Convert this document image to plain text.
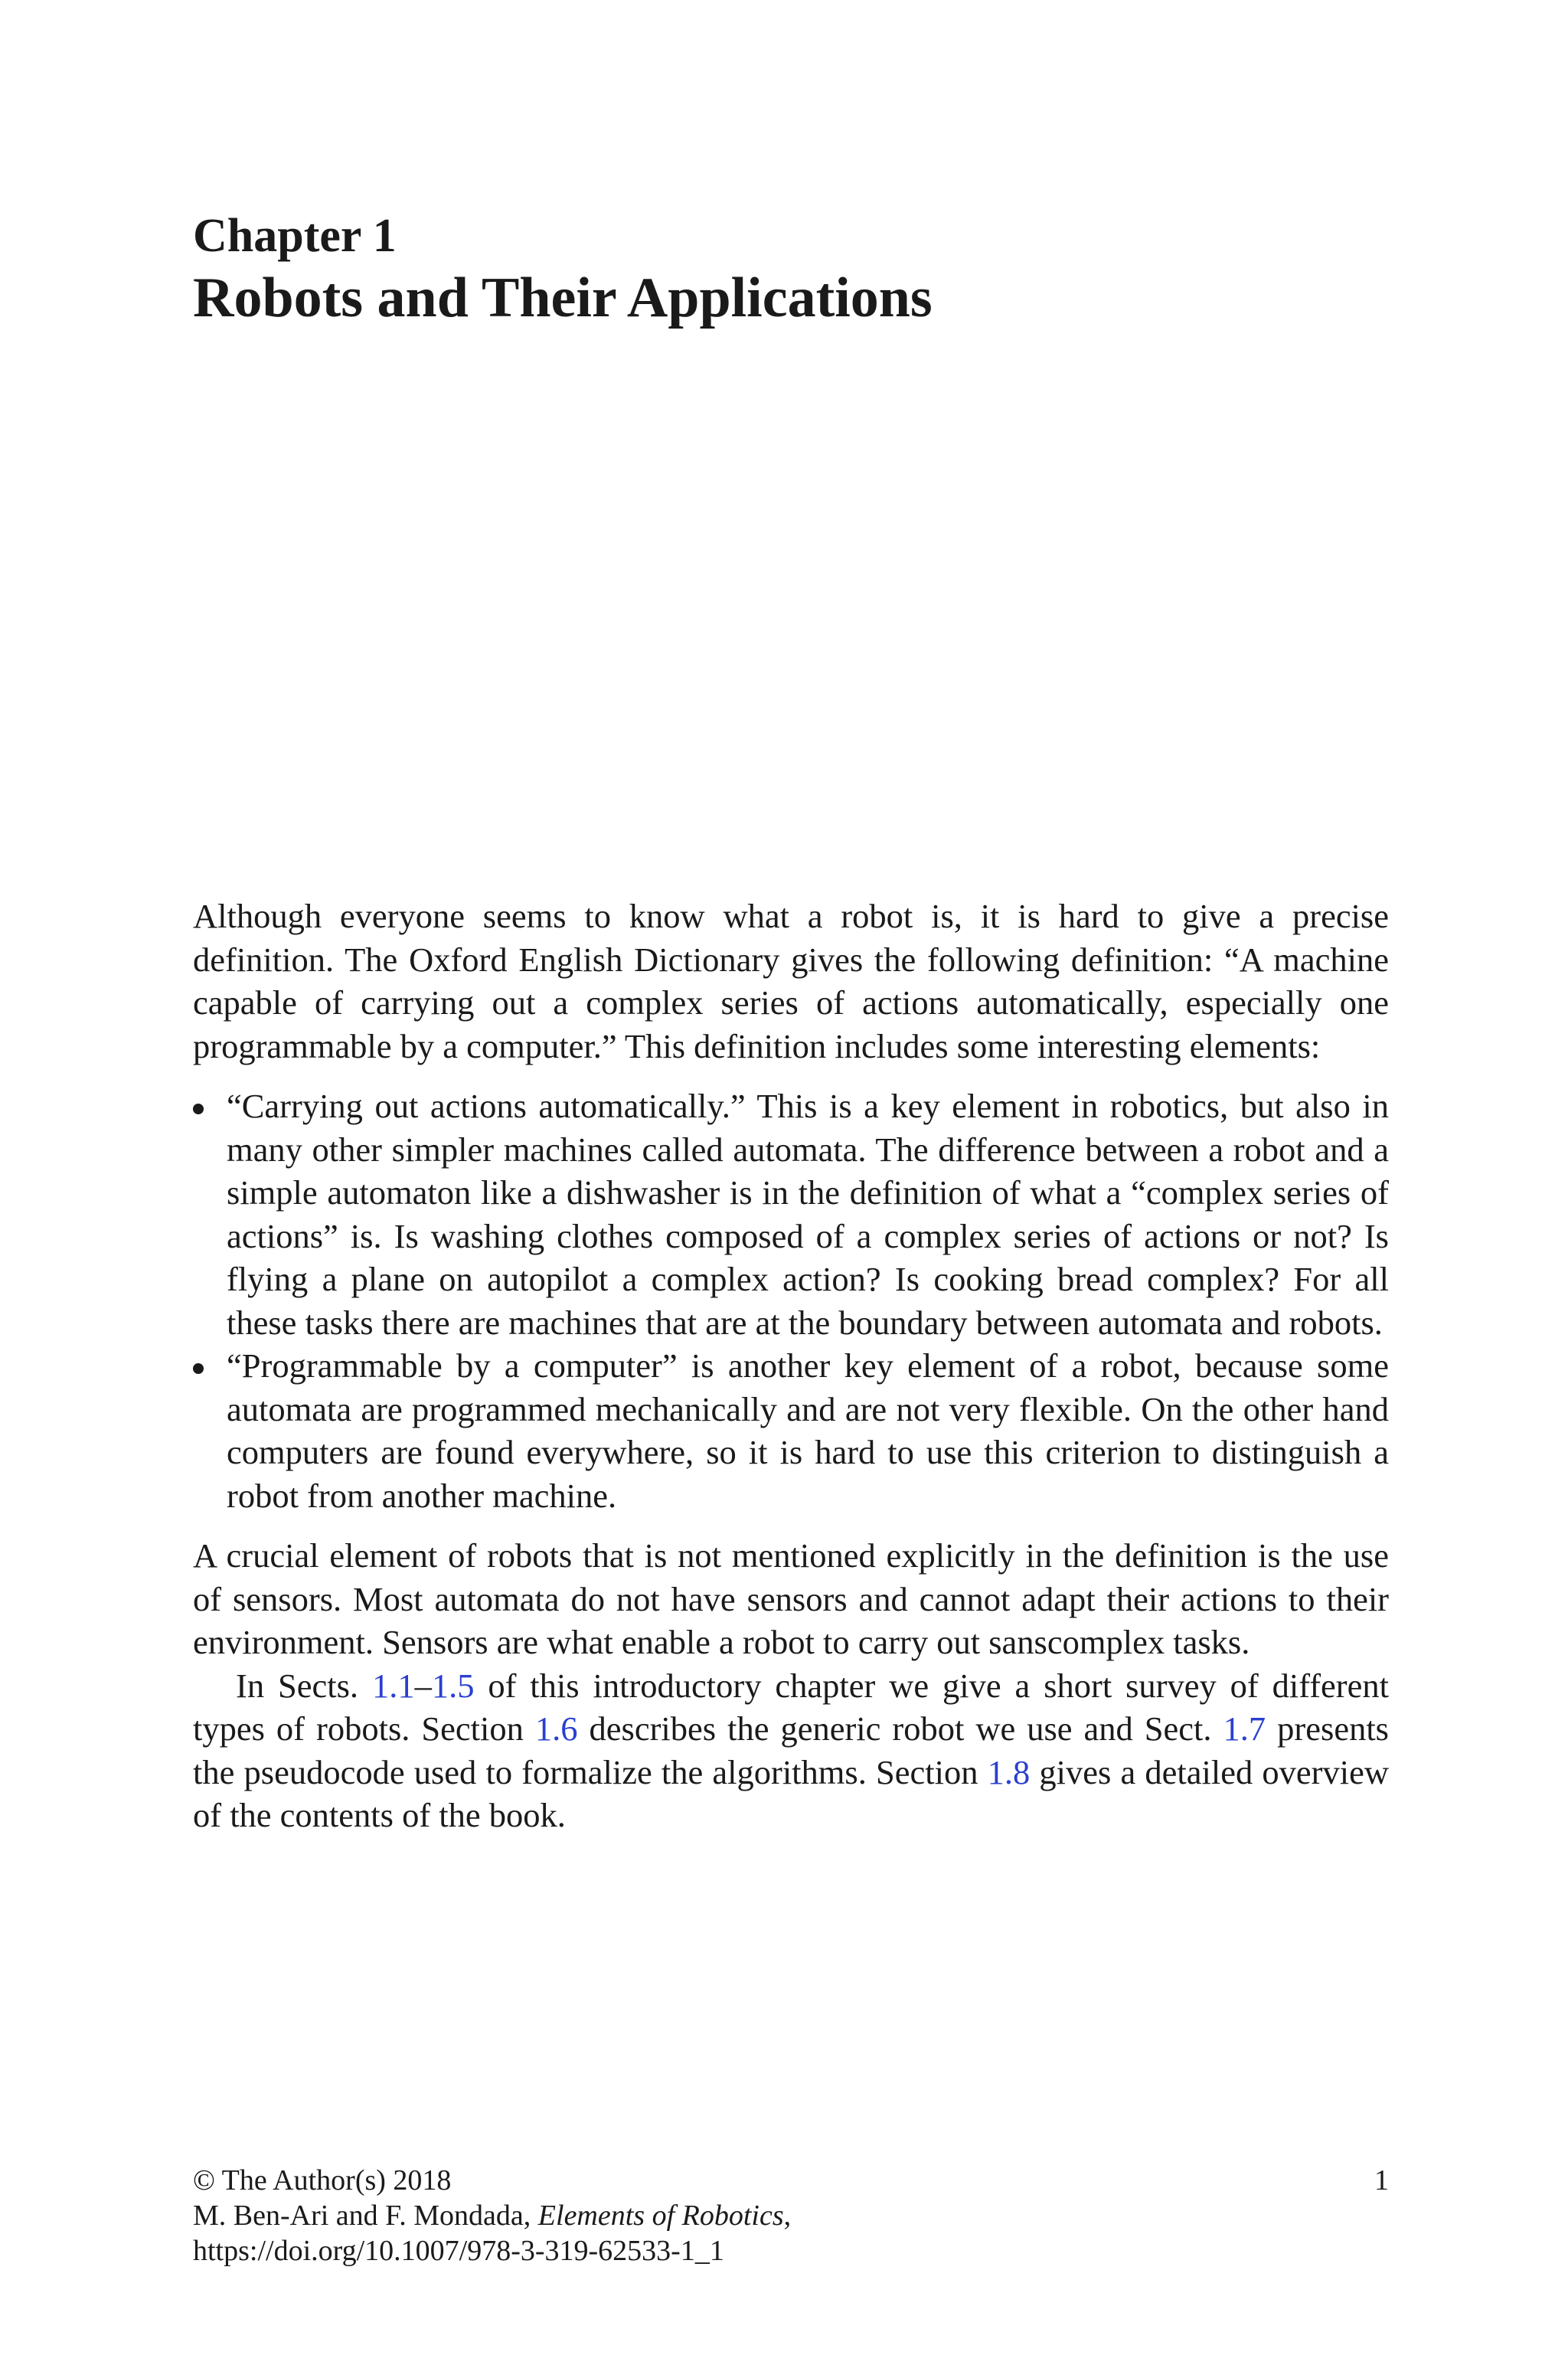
Chapter 1
Robots and Their Applications

Although everyone seems to know what a robot is, it is hard to give a precise definition. The Oxford English Dictionary gives the following definition: “A machine capable of carrying out a complex series of actions automatically, especially one programmable by a computer.” This definition includes some interesting elements:

“Carrying out actions automatically.” This is a key element in robotics, but also in many other simpler machines called automata. The difference between a robot and a simple automaton like a dishwasher is in the definition of what a “complex series of actions” is. Is washing clothes composed of a complex series of actions or not? Is flying a plane on autopilot a complex action? Is cooking bread complex? For all these tasks there are machines that are at the boundary between automata and robots.
“Programmable by a computer” is another key element of a robot, because some automata are programmed mechanically and are not very flexible. On the other hand computers are found everywhere, so it is hard to use this criterion to distinguish a robot from another machine.

A crucial element of robots that is not mentioned explicitly in the definition is the use of sensors. Most automata do not have sensors and cannot adapt their actions to their environment. Sensors are what enable a robot to carry out sanscomplex tasks.

In Sects. 1.1–1.5 of this introductory chapter we give a short survey of different types of robots. Section 1.6 describes the generic robot we use and Sect. 1.7 presents the pseudocode used to formalize the algorithms. Section 1.8 gives a detailed overview of the contents of the book.

© The Author(s) 2018	1
M. Ben-Ari and F. Mondada, Elements of Robotics,
https://doi.org/10.1007/978-3-319-62533-1_1
